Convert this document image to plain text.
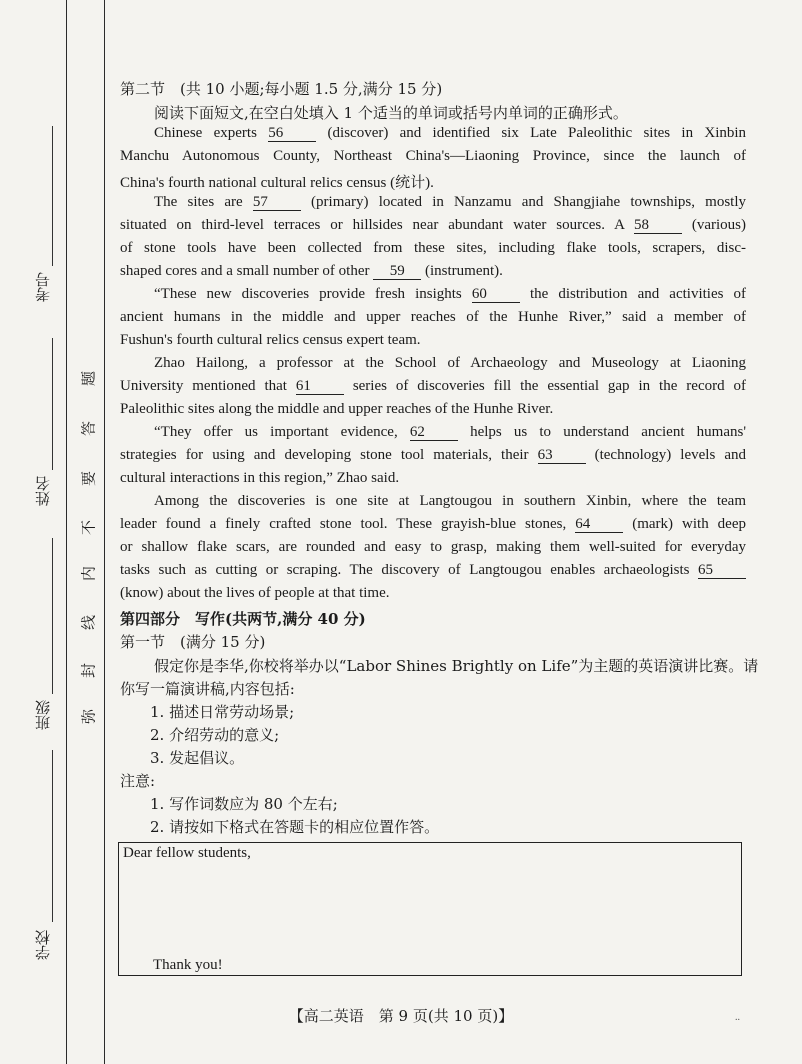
考号
姓名
班级
学校
题
答
要
不
内
线
封
弥
第二节　(共 10 小题;每小题 1.5 分,满分 15 分)
阅读下面短文,在空白处填入 1 个适当的单词或括号内单词的正确形式。
Chinese experts 56	(discover) and identified six Late Paleolithic sites in Xinbin
Manchu Autonomous County, Northeast China's—Liaoning Province, since the launch of
China's fourth national cultural relics census (统计).
The sites are 57	(primary) located in Nanzamu and Shangjiahe townships, mostly
situated on third-level terraces or hillsides near abundant water sources. A 58	(various)
of stone tools have been collected from these sites, including flake tools, scrapers, disc-
shaped cores and a small number of other 59 (instrument).
“These new discoveries provide fresh insights 60	the distribution and activities of
ancient humans in the middle and upper reaches of the Hunhe River,” said a member of
Fushun's fourth cultural relics census expert team.
Zhao Hailong, a professor at the School of Archaeology and Museology at Liaoning
University mentioned that 61	series of discoveries fill the essential gap in the record of
Paleolithic sites along the middle and upper reaches of the Hunhe River.
“They offer us important evidence, 62	helps us to understand ancient humans'
strategies for using and developing stone tool materials, their 63	(technology) levels and
cultural interactions in this region,” Zhao said.
Among the discoveries is one site at Langtougou in southern Xinbin, where the team
leader found a finely crafted stone tool. These grayish-blue stones, 64	(mark) with deep
or shallow flake scars, are rounded and easy to grasp, making them well-suited for everyday
tasks such as cutting or scraping. The discovery of Langtougou enables archaeologists 65
(know) about the lives of people at that time.
第四部分　写作(共两节,满分 40 分)
第一节　(满分 15 分)
假定你是李华,你校将举办以“Labor Shines Brightly on Life”为主题的英语演讲比赛。请
你写一篇演讲稿,内容包括:
1. 描述日常劳动场景;
2. 介绍劳动的意义;
3. 发起倡议。
注意:
1. 写作词数应为 80 个左右;
2. 请按如下格式在答题卡的相应位置作答。
Dear fellow students,
Thank you!
【高二英语　第 9 页(共 10 页)】	..
